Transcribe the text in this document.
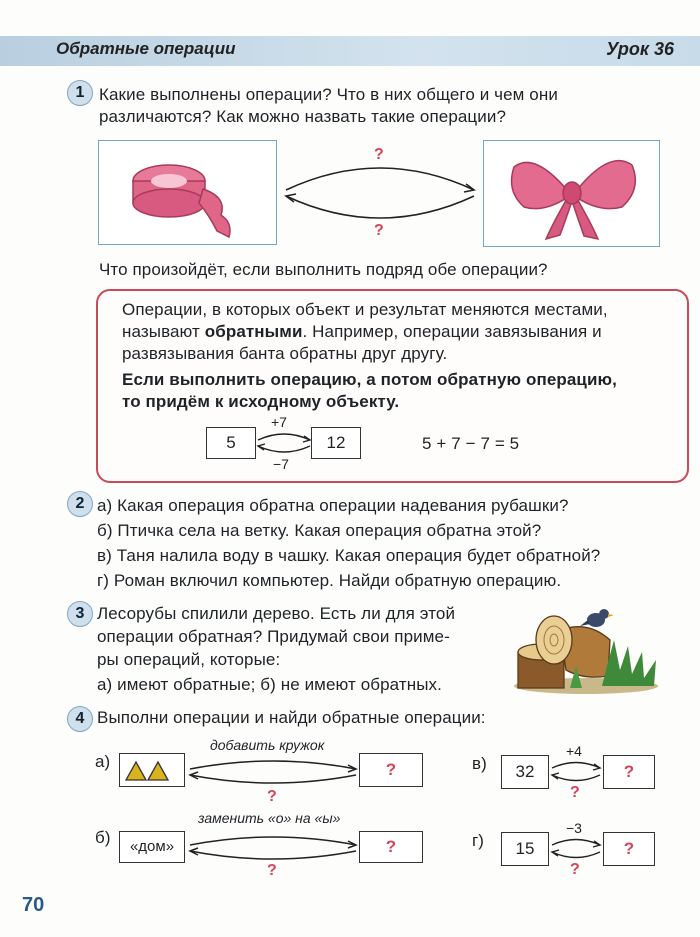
Обратные операции	Урок 36
1 Какие выполнены операции? Что в них общего и чем они
различаются? Как можно назвать такие операции?
?
?
Что произойдёт, если выполнить подряд обе операции?
Операции, в которых объект и результат меняются местами,
называют обратными. Например, операции завязывания и
развязывания банта обратны друг другу.
Если выполнить операцию, а потом обратную операцию,
то придём к исходному объекту.
5
+7
−7
12	5 + 7 − 7 = 5
2 а) Какая операция обратна операции надевания рубашки?
б) Птичка села на ветку. Какая операция обратна этой?
в) Таня налила воду в чашку. Какая операция будет обратной?
г) Роман включил компьютер. Найди обратную операцию.
3 Лесорубы спилили дерево. Есть ли для этой
операции обратная? Придумай свои приме-
ры операций, которые:
а) имеют обратные; б) не имеют обратных.
4 Выполни операции и найди обратные операции:
а)
добавить кружок
?
?
б)	«дом»
заменить «о» на «ы»
?
?
в)	32
+4
?
?
г)	15
−3
?
?
70
